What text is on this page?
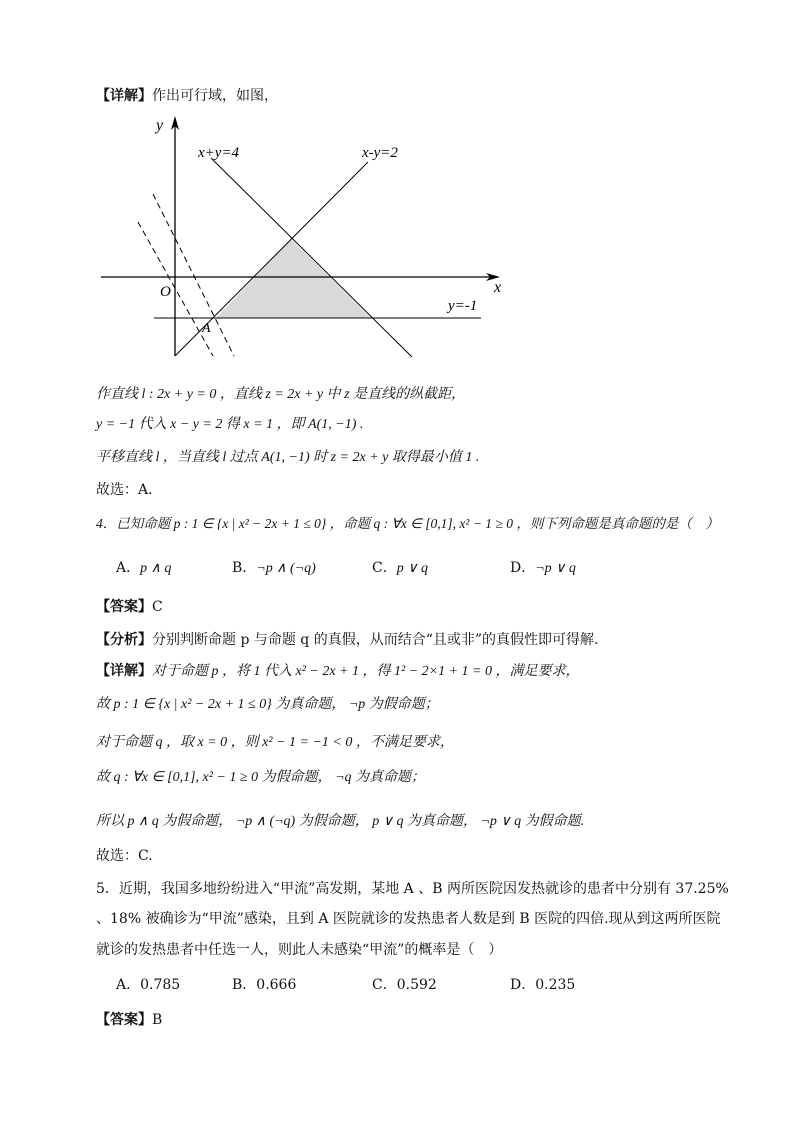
【详解】作出可行域，如图，
y
x
O
x+y=4	x-y=2
y=-1
A
作直线 l : 2x + y = 0 ，直线 z = 2x + y 中 z 是直线的纵截距，
y = −1 代入 x − y = 2 得 x = 1 ，即 A(1, −1) .
平移直线 l ，当直线 l 过点 A(1, −1) 时 z = 2x + y 取得最小值 1 .
故选：A．
4．已知命题 p : 1 ∈ {x | x² − 2x + 1 ≤ 0} ，命题 q : ∀x ∈ [0,1], x² − 1 ≥ 0 ，则下列命题是真命题的是（　）
A．p ∧ q	B．¬p ∧ (¬q)	C．p ∨ q	D．¬p ∨ q
【答案】C
【分析】分别判断命题 p 与命题 q 的真假，从而结合“且或非”的真假性即可得解.
【详解】对于命题 p ，将 1 代入 x² − 2x + 1 ，得 1² − 2×1 + 1 = 0 ，满足要求，
故 p : 1 ∈ {x | x² − 2x + 1 ≤ 0} 为真命题， ¬p 为假命题；
对于命题 q ，取 x = 0 ，则 x² − 1 = −1 < 0 ，不满足要求，
故 q : ∀x ∈ [0,1], x² − 1 ≥ 0 为假命题， ¬q 为真命题；
所以 p ∧ q 为假命题， ¬p ∧ (¬q) 为假命题， p ∨ q 为真命题， ¬p ∨ q 为假命题.
故选：C.
5．近期，我国多地纷纷进入“甲流”高发期，某地 A 、B 两所医院因发热就诊的患者中分别有 37.25%
、18% 被确诊为“甲流”感染，且到 A 医院就诊的发热患者人数是到 B 医院的四倍.现从到这两所医院
就诊的发热患者中任选一人，则此人未感染“甲流”的概率是（　）
A．0.785	B．0.666	C．0.592	D．0.235
【答案】B
